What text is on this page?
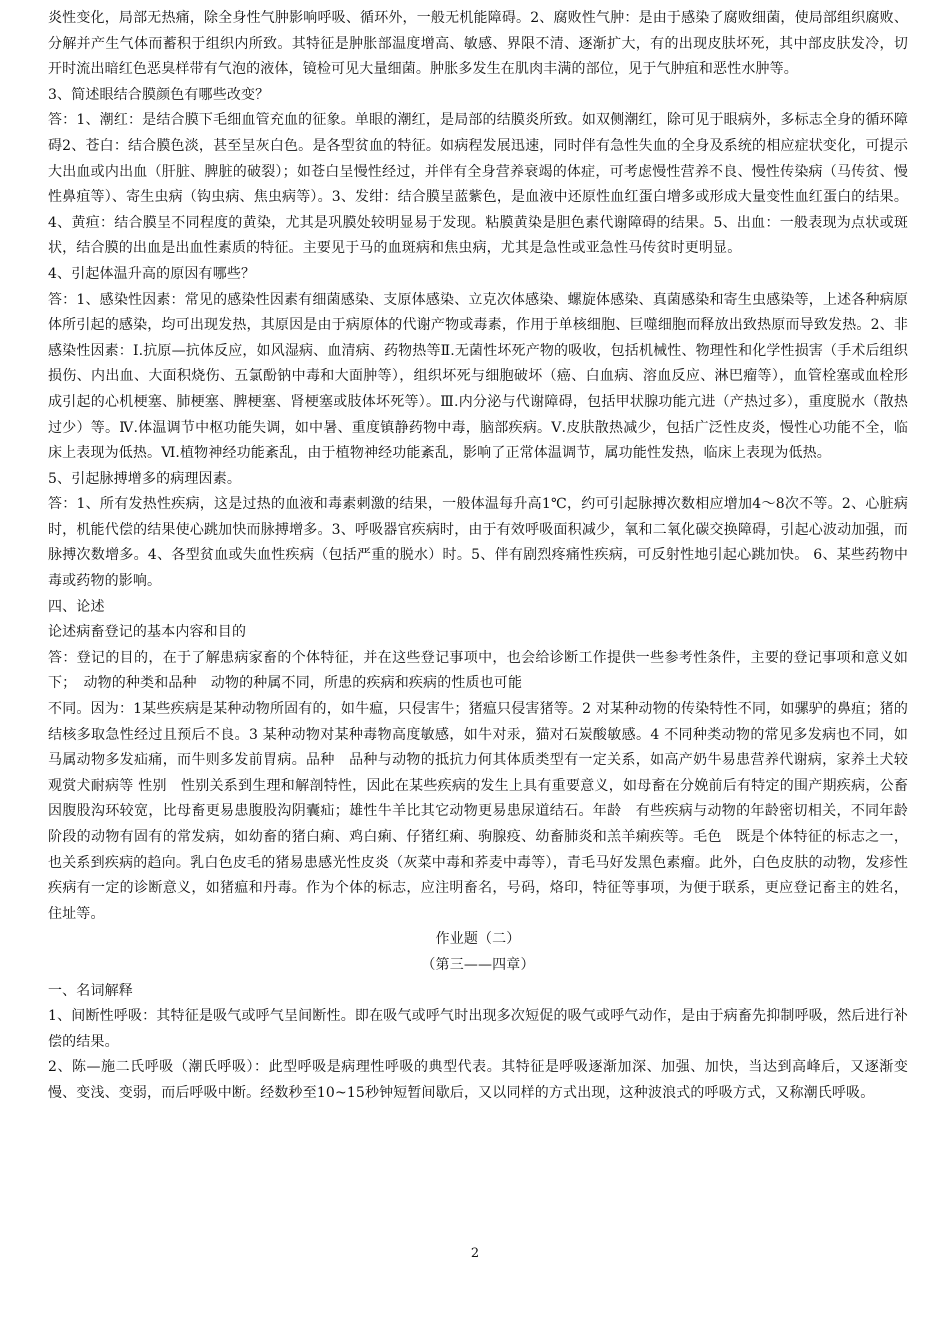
炎性变化，局部无热痛，除全身性气肿影响呼吸、循环外，一般无机能障碍。2、腐败性气肿：是由于感染了腐败细菌，使局部组织腐败、分解并产生气体而蓄积于组织内所致。其特征是肿胀部温度增高、敏感、界限不清、逐渐扩大，有的出现皮肤坏死，其中部皮肤发冷，切开时流出暗红色恶臭样带有气泡的液体，镜检可见大量细菌。肿胀多发生在肌肉丰满的部位，见于气肿疽和恶性水肿等。

3、简述眼结合膜颜色有哪些改变？

答：1、潮红：是结合膜下毛细血管充血的征象。单眼的潮红，是局部的结膜炎所致。如双侧潮红，除可见于眼病外，多标志全身的循环障碍2、苍白：结合膜色淡，甚至呈灰白色。是各型贫血的特征。如病程发展迅速，同时伴有急性失血的全身及系统的相应症状变化，可提示大出血或内出血（肝脏、脾脏的破裂）；如苍白呈慢性经过，并伴有全身营养衰竭的体症，可考虑慢性营养不良、慢性传染病（马传贫、慢性鼻疽等）、寄生虫病（钩虫病、焦虫病等）。3、发绀：结合膜呈蓝紫色，是血液中还原性血红蛋白增多或形成大量变性血红蛋白的结果。4、黄疸：结合膜呈不同程度的黄染，尤其是巩膜处较明显易于发现。粘膜黄染是胆色素代谢障碍的结果。5、出血：一般表现为点状或斑状，结合膜的出血是出血性素质的特征。主要见于马的血斑病和焦虫病，尤其是急性或亚急性马传贫时更明显。

4、引起体温升高的原因有哪些？

答：1、感染性因素：常见的感染性因素有细菌感染、支原体感染、立克次体感染、螺旋体感染、真菌感染和寄生虫感染等，上述各种病原体所引起的感染，均可出现发热，其原因是由于病原体的代谢产物或毒素，作用于单核细胞、巨噬细胞而释放出致热原而导致发热。2、非感染性因素：Ⅰ.抗原—抗体反应，如风湿病、血清病、药物热等Ⅱ.无菌性坏死产物的吸收，包括机械性、物理性和化学性损害（手术后组织损伤、内出血、大面积烧伤、五氯酚钠中毒和大面肿等），组织坏死与细胞破坏（癌、白血病、溶血反应、淋巴瘤等），血管栓塞或血栓形成引起的心机梗塞、肺梗塞、脾梗塞、肾梗塞或肢体坏死等）。Ⅲ.内分泌与代谢障碍，包括甲状腺功能亢进（产热过多），重度脱水（散热过少）等。Ⅳ.体温调节中枢功能失调，如中暑、重度镇静药物中毒，脑部疾病。Ⅴ.皮肤散热减少，包括广泛性皮炎，慢性心功能不全，临床上表现为低热。Ⅵ.植物神经功能紊乱，由于植物神经功能紊乱，影响了正常体温调节，属功能性发热，临床上表现为低热。

5、引起脉搏增多的病理因素。

答：1、所有发热性疾病，这是过热的血液和毒素刺激的结果，一般体温每升高1℃，约可引起脉搏次数相应增加4～8次不等。2、心脏病时，机能代偿的结果使心跳加快而脉搏增多。3、呼吸器官疾病时，由于有效呼吸面积减少，氧和二氧化碳交换障碍，引起心波动加强，而脉搏次数增多。4、各型贫血或失血性疾病（包括严重的脱水）时。5、伴有剧烈疼痛性疾病，可反射性地引起心跳加快。 6、某些药物中毒或药物的影响。

四、论述

论述病畜登记的基本内容和目的

答：登记的目的，在于了解患病家畜的个体特征，并在这些登记事项中，也会给诊断工作提供一些参考性条件，主要的登记事项和意义如下；　动物的种类和品种　动物的种属不同，所患的疾病和疾病的性质也可能

不同。因为：1某些疾病是某种动物所固有的，如牛瘟，只侵害牛；猪瘟只侵害猪等。2 对某种动物的传染特性不同，如骡驴的鼻疽；猪的结核多取急性经过且预后不良。3 某种动物对某种毒物高度敏感，如牛对汞，猫对石炭酸敏感。4 不同种类动物的常见多发病也不同，如马属动物多发疝痛，而牛则多发前胃病。品种　品种与动物的抵抗力何其体质类型有一定关系，如高产奶牛易患营养代谢病，家养土犬较观赏犬耐病等 性别　性别关系到生理和解剖特性，因此在某些疾病的发生上具有重要意义，如母畜在分娩前后有特定的围产期疾病，公畜因腹股沟环较宽，比母畜更易患腹股沟阴囊疝；雄性牛羊比其它动物更易患尿道结石。年龄　有些疾病与动物的年龄密切相关，不同年龄阶段的动物有固有的常发病，如幼畜的猪白痢、鸡白痢、仔猪红痢、驹腺疫、幼畜肺炎和羔羊痢疾等。毛色　既是个体特征的标志之一，也关系到疾病的趋向。乳白色皮毛的猪易患感光性皮炎（灰菜中毒和荞麦中毒等），青毛马好发黑色素瘤。此外，白色皮肤的动物，发疹性疾病有一定的诊断意义，如猪瘟和丹毒。作为个体的标志，应注明畜名，号码，烙印，特征等事项，为便于联系，更应登记畜主的姓名，住址等。

作业题（二）

（第三——四章）

一、名词解释

1、间断性呼吸：其特征是吸气或呼气呈间断性。即在吸气或呼气时出现多次短促的吸气或呼气动作，是由于病畜先抑制呼吸，然后进行补偿的结果。

2、陈—施二氏呼吸（潮氏呼吸）：此型呼吸是病理性呼吸的典型代表。其特征是呼吸逐渐加深、加强、加快，当达到高峰后，又逐渐变慢、变浅、变弱，而后呼吸中断。经数秒至10~15秒钟短暂间歇后，又以同样的方式出现，这种波浪式的呼吸方式，又称潮氏呼吸。

2
